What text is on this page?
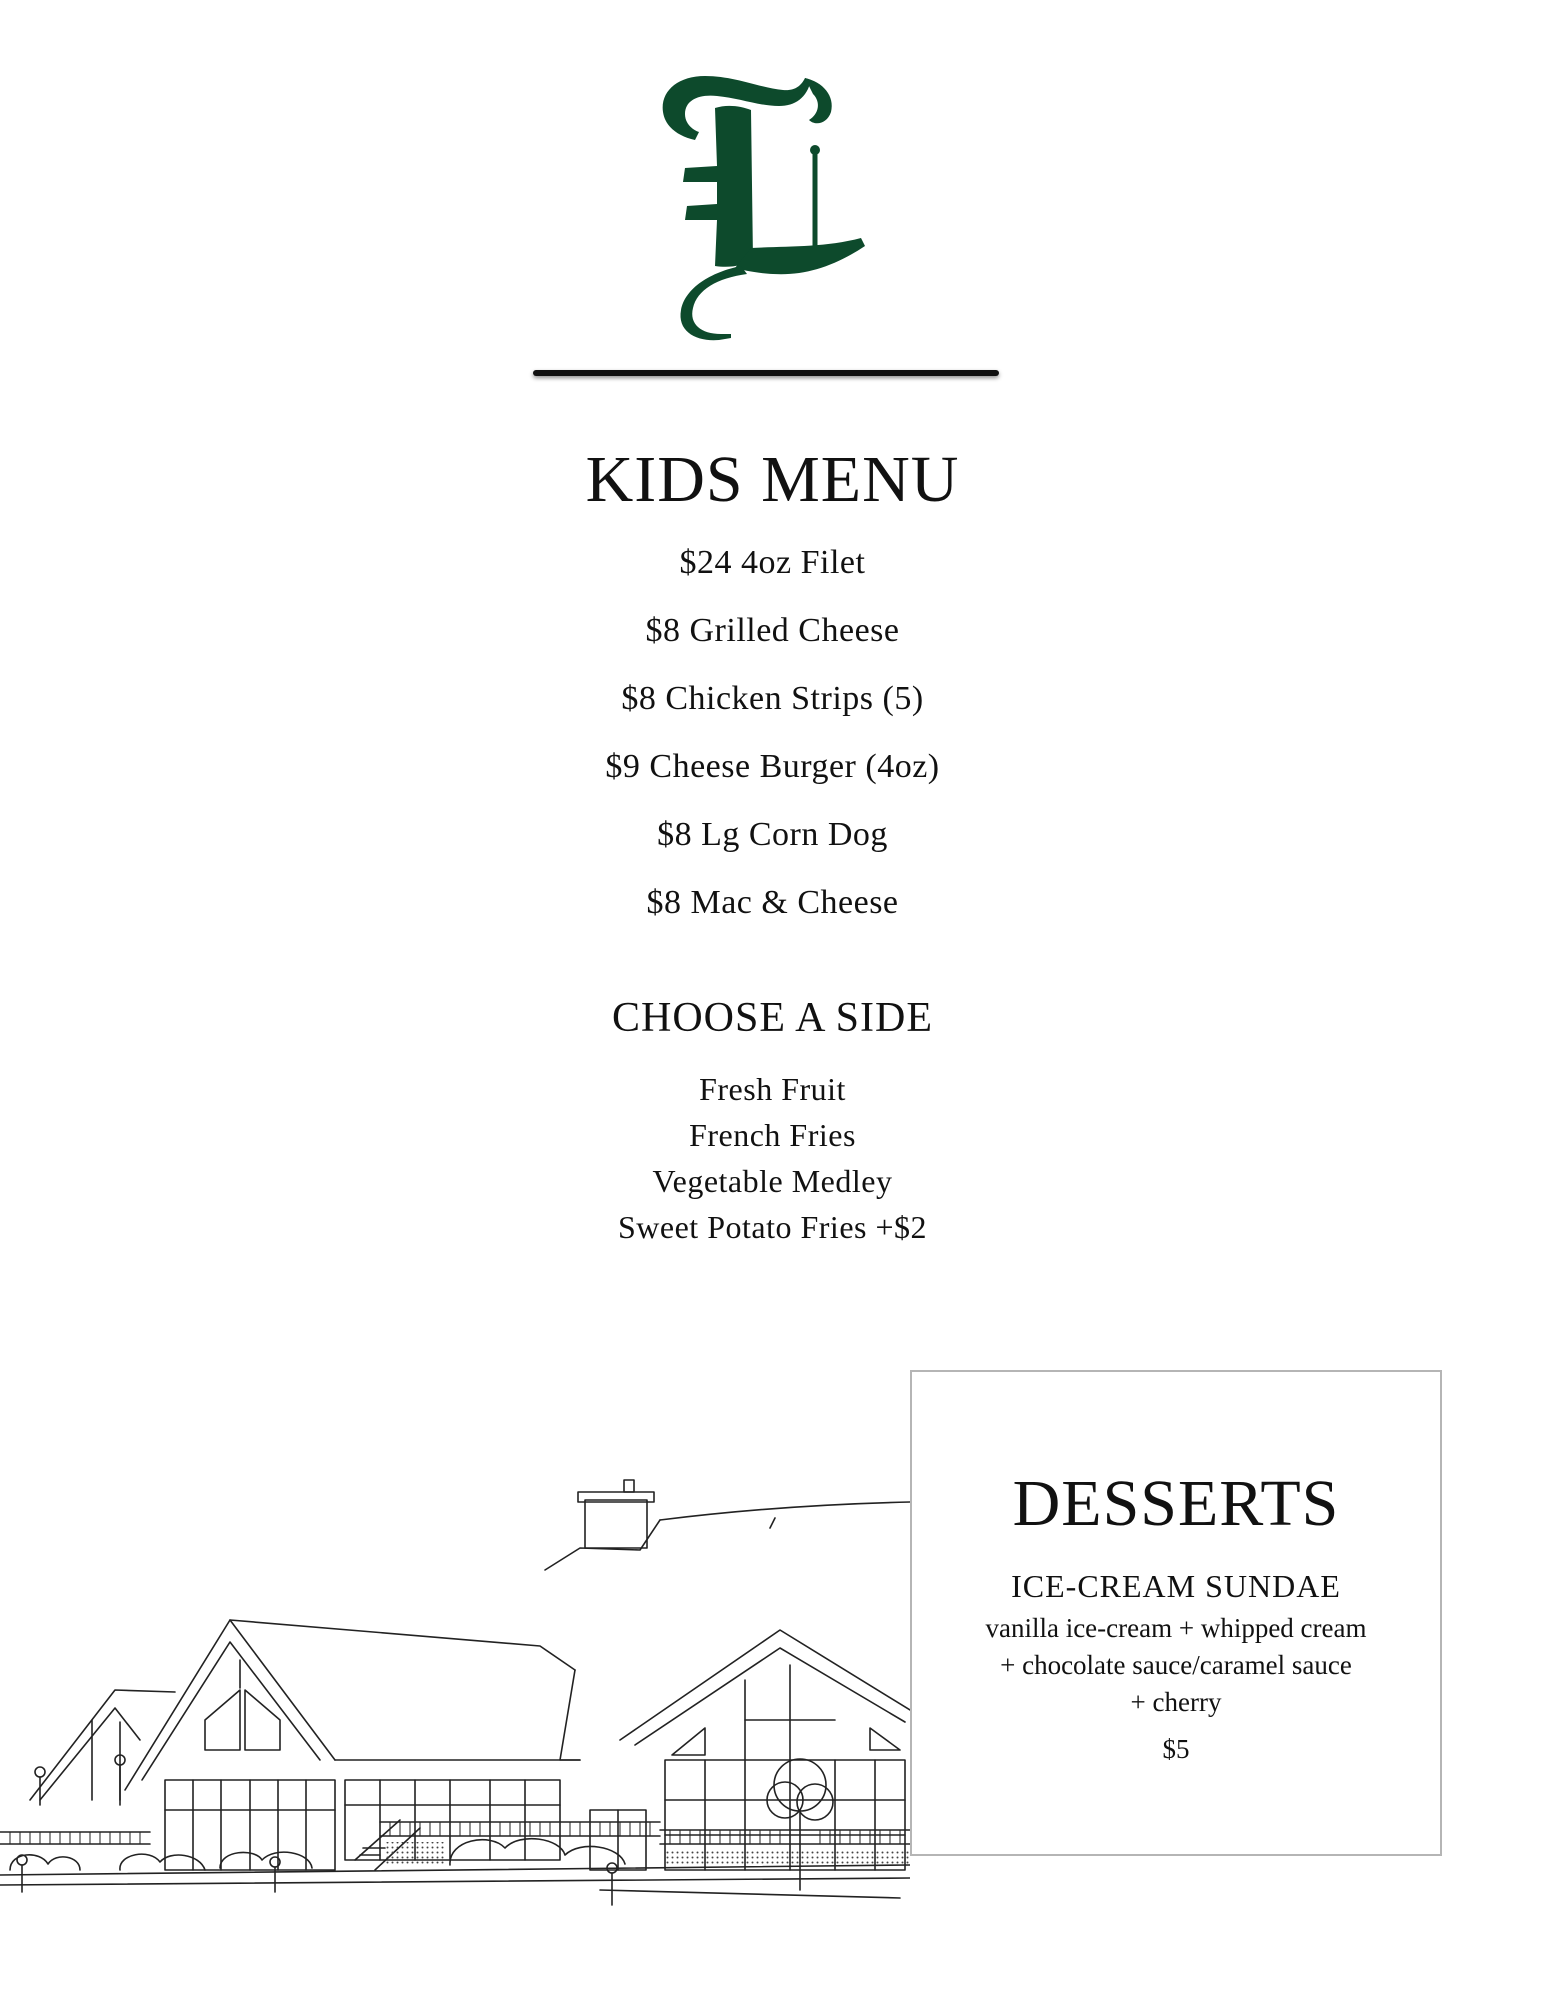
KIDS MENU
$24 4oz Filet
$8 Grilled Cheese
$8 Chicken Strips (5)
$9 Cheese Burger (4oz)
$8 Lg Corn Dog
$8 Mac & Cheese
CHOOSE A SIDE
Fresh Fruit
French Fries
Vegetable Medley
Sweet Potato Fries +$2
DESSERTS
ICE-CREAM SUNDAE
vanilla ice-cream + whipped cream
+ chocolate sauce/caramel sauce
+ cherry
$5
